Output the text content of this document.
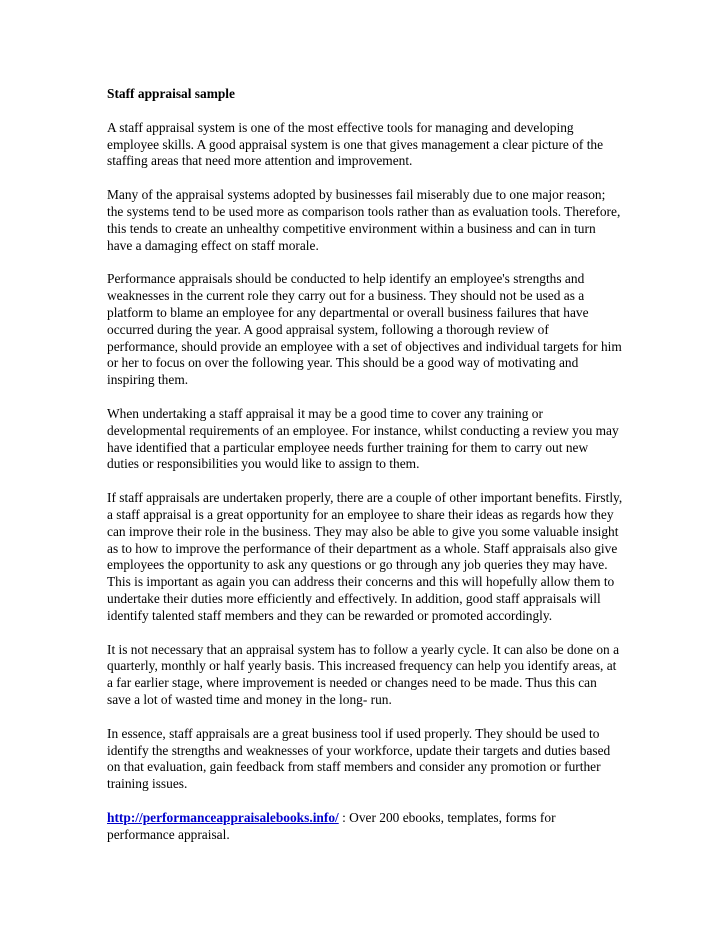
Staff appraisal sample

A staff appraisal system is one of the most effective tools for managing and developing employee skills. A good appraisal system is one that gives management a clear picture of the staffing areas that need more attention and improvement.

Many of the appraisal systems adopted by businesses fail miserably due to one major reason; the systems tend to be used more as comparison tools rather than as evaluation tools. Therefore, this tends to create an unhealthy competitive environment within a business and can in turn have a damaging effect on staff morale.

Performance appraisals should be conducted to help identify an employee's strengths and weaknesses in the current role they carry out for a business. They should not be used as a platform to blame an employee for any departmental or overall business failures that have occurred during the year. A good appraisal system, following a thorough review of performance, should provide an employee with a set of objectives and individual targets for him or her to focus on over the following year. This should be a good way of motivating and inspiring them.

When undertaking a staff appraisal it may be a good time to cover any training or developmental requirements of an employee. For instance, whilst conducting a review you may have identified that a particular employee needs further training for them to carry out new duties or responsibilities you would like to assign to them.

If staff appraisals are undertaken properly, there are a couple of other important benefits. Firstly, a staff appraisal is a great opportunity for an employee to share their ideas as regards how they can improve their role in the business. They may also be able to give you some valuable insight as to how to improve the performance of their department as a whole. Staff appraisals also give employees the opportunity to ask any questions or go through any job queries they may have. This is important as again you can address their concerns and this will hopefully allow them to undertake their duties more efficiently and effectively. In addition, good staff appraisals will identify talented staff members and they can be rewarded or promoted accordingly.

It is not necessary that an appraisal system has to follow a yearly cycle. It can also be done on a quarterly, monthly or half yearly basis. This increased frequency can help you identify areas, at a far earlier stage, where improvement is needed or changes need to be made. Thus this can save a lot of wasted time and money in the long- run.

In essence, staff appraisals are a great business tool if used properly. They should be used to identify the strengths and weaknesses of your workforce, update their targets and duties based on that evaluation, gain feedback from staff members and consider any promotion or further training issues.

http://performanceappraisalebooks.info/ : Over 200 ebooks, templates, forms for performance appraisal.
